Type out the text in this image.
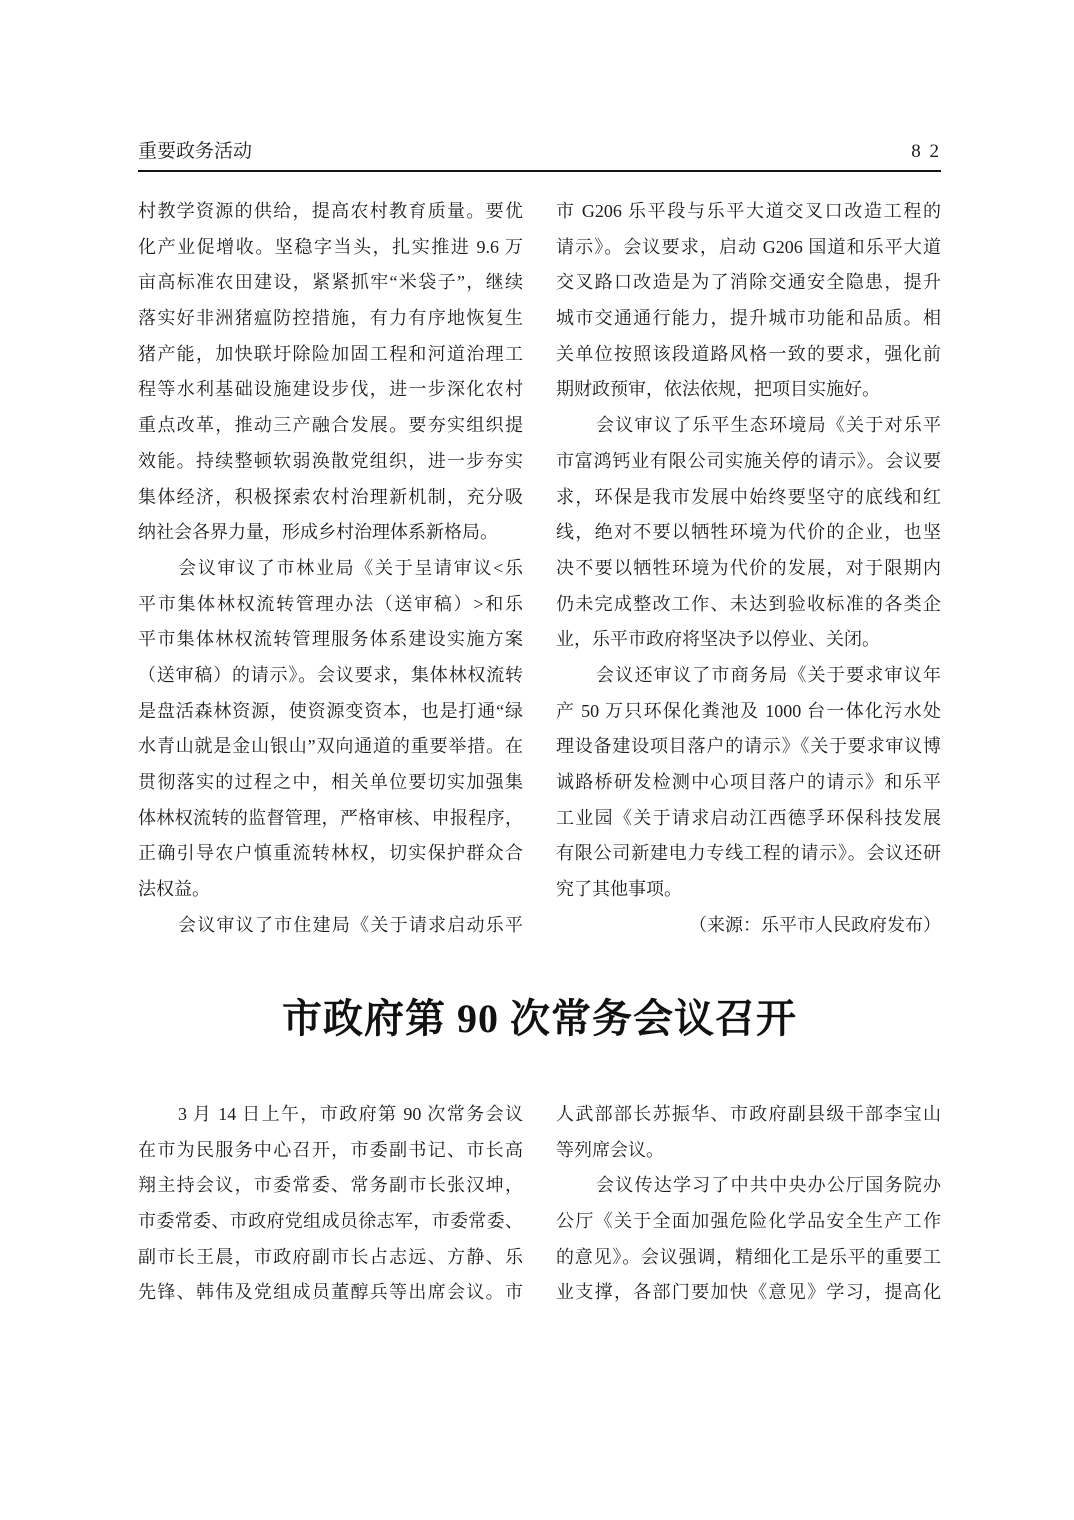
重要政务活动	8 2
村教学资源的供给，提高农村教育质量。要优
化产业促增收。坚稳字当头，扎实推进 9.6 万
亩高标准农田建设，紧紧抓牢“米袋子”，继续
落实好非洲猪瘟防控措施，有力有序地恢复生
猪产能，加快联圩除险加固工程和河道治理工
程等水利基础设施建设步伐，进一步深化农村
重点改革，推动三产融合发展。要夯实组织提
效能。持续整顿软弱涣散党组织，进一步夯实
集体经济，积极探索农村治理新机制，充分吸
纳社会各界力量，形成乡村治理体系新格局。
会议审议了市林业局《关于呈请审议<乐
平市集体林权流转管理办法（送审稿）>和乐
平市集体林权流转管理服务体系建设实施方案
（送审稿）的请示》。会议要求，集体林权流转
是盘活森林资源，使资源变资本，也是打通“绿
水青山就是金山银山”双向通道的重要举措。在
贯彻落实的过程之中，相关单位要切实加强集
体林权流转的监督管理，严格审核、申报程序，
正确引导农户慎重流转林权，切实保护群众合
法权益。
会议审议了市住建局《关于请求启动乐平
市 G206 乐平段与乐平大道交叉口改造工程的
请示》。会议要求，启动 G206 国道和乐平大道
交叉路口改造是为了消除交通安全隐患，提升
城市交通通行能力，提升城市功能和品质。相
关单位按照该段道路风格一致的要求，强化前
期财政预审，依法依规，把项目实施好。
会议审议了乐平生态环境局《关于对乐平
市富鸿钙业有限公司实施关停的请示》。会议要
求，环保是我市发展中始终要坚守的底线和红
线，绝对不要以牺牲环境为代价的企业，也坚
决不要以牺牲环境为代价的发展，对于限期内
仍未完成整改工作、未达到验收标准的各类企
业，乐平市政府将坚决予以停业、关闭。
会议还审议了市商务局《关于要求审议年
产 50 万只环保化粪池及 1000 台一体化污水处
理设备建设项目落户的请示》《关于要求审议博
诚路桥研发检测中心项目落户的请示》和乐平
工业园《关于请求启动江西德孚环保科技发展
有限公司新建电力专线工程的请示》。会议还研
究了其他事项。
（来源：乐平市人民政府发布）
市政府第 90 次常务会议召开
3 月 14 日上午，市政府第 90 次常务会议
在市为民服务中心召开，市委副书记、市长高
翔主持会议，市委常委、常务副市长张汉坤，
市委常委、市政府党组成员徐志军，市委常委、
副市长王晨，市政府副市长占志远、方静、乐
先锋、韩伟及党组成员董醇兵等出席会议。市
人武部部长苏振华、市政府副县级干部李宝山
等列席会议。
会议传达学习了中共中央办公厅国务院办
公厅《关于全面加强危险化学品安全生产工作
的意见》。会议强调，精细化工是乐平的重要工
业支撑，各部门要加快《意见》学习，提高化
